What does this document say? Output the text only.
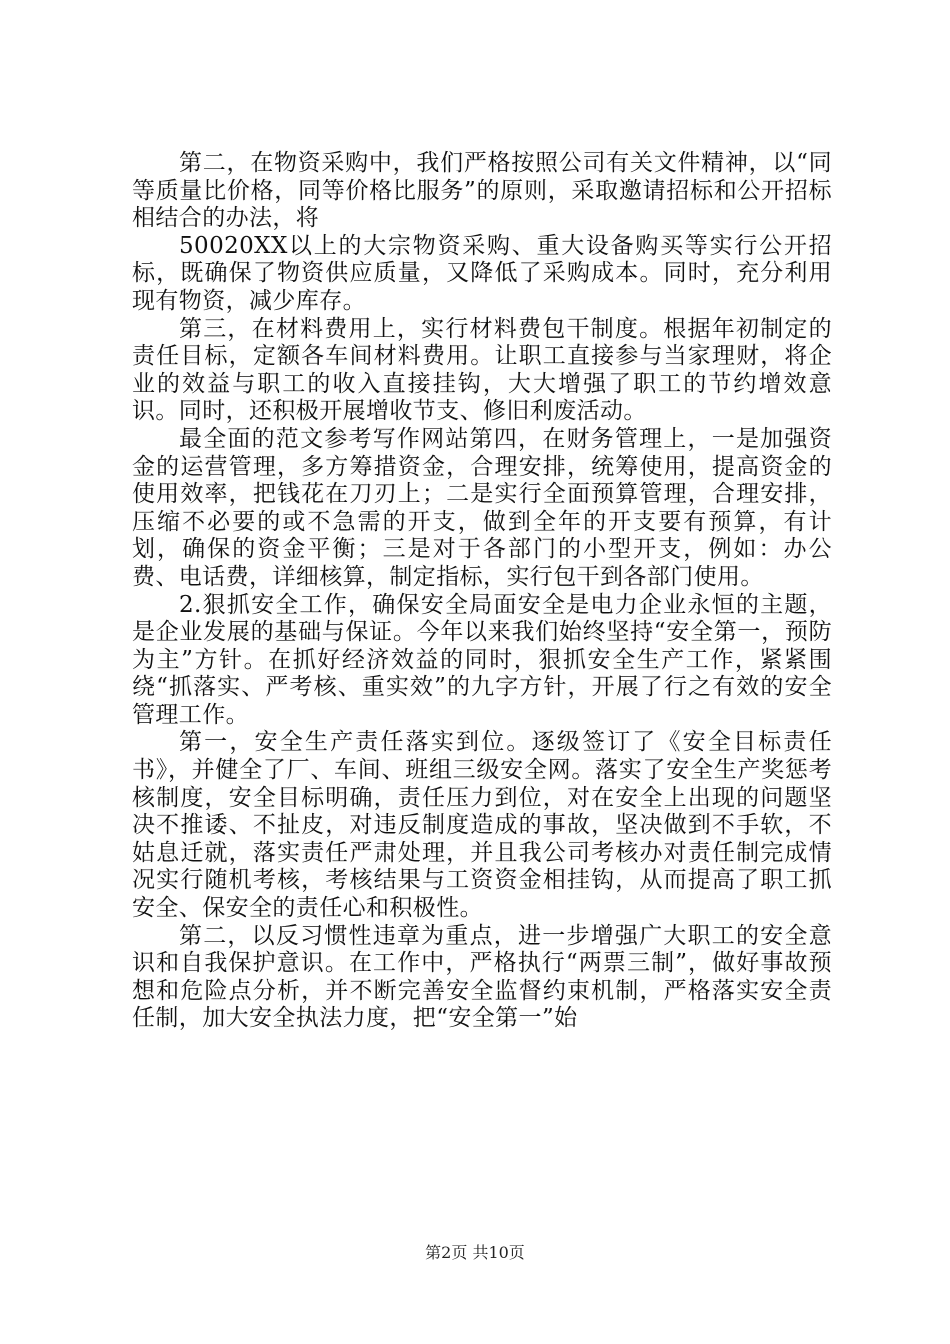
第二，在物资采购中，我们严格按照公司有关文件精神，以“同等质量比价格，同等价格比服务”的原则，采取邀请招标和公开招标相结合的办法，将

50020XX以上的大宗物资采购、重大设备购买等实行公开招标，既确保了物资供应质量，又降低了采购成本。同时，充分利用现有物资，减少库存。

第三，在材料费用上，实行材料费包干制度。根据年初制定的责任目标，定额各车间材料费用。让职工直接参与当家理财，将企业的效益与职工的收入直接挂钩，大大增强了职工的节约增效意识。同时，还积极开展增收节支、修旧利废活动。

最全面的范文参考写作网站第四，在财务管理上，一是加强资金的运营管理，多方筹措资金，合理安排，统筹使用，提高资金的使用效率，把钱花在刀刃上；二是实行全面预算管理，合理安排，压缩不必要的或不急需的开支，做到全年的开支要有预算，有计划，确保的资金平衡；三是对于各部门的小型开支，例如：办公费、电话费，详细核算，制定指标，实行包干到各部门使用。

2.狠抓安全工作，确保安全局面安全是电力企业永恒的主题，是企业发展的基础与保证。今年以来我们始终坚持“安全第一，预防为主”方针。在抓好经济效益的同时，狠抓安全生产工作，紧紧围绕“抓落实、严考核、重实效”的九字方针，开展了行之有效的安全管理工作。

第一，安全生产责任落实到位。逐级签订了《安全目标责任书》，并健全了厂、车间、班组三级安全网。落实了安全生产奖惩考核制度，安全目标明确，责任压力到位，对在安全上出现的问题坚决不推诿、不扯皮，对违反制度造成的事故，坚决做到不手软，不姑息迁就，落实责任严肃处理，并且我公司考核办对责任制完成情况实行随机考核，考核结果与工资资金相挂钩，从而提高了职工抓安全、保安全的责任心和积极性。

第二，以反习惯性违章为重点，进一步增强广大职工的安全意识和自我保护意识。在工作中，严格执行“两票三制”，做好事故预想和危险点分析，并不断完善安全监督约束机制，严格落实安全责任制，加大安全执法力度，把“安全第一”始

第2页 共10页
